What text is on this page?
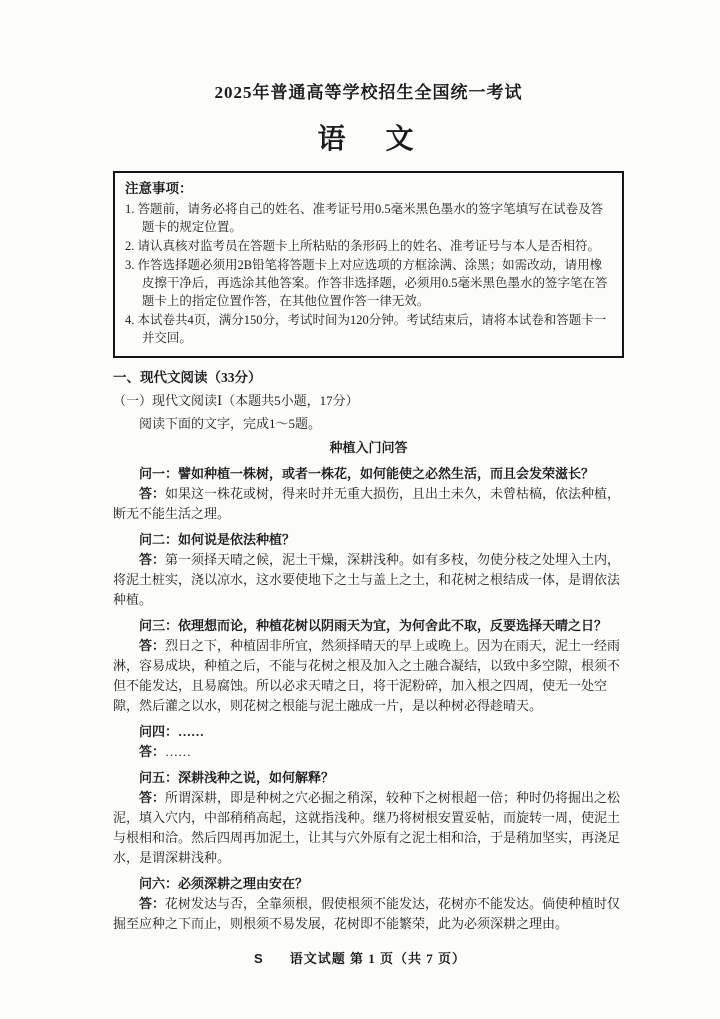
2025年普通高等学校招生全国统一考试
语　文
注意事项：
1. 答题前，请务必将自己的姓名、准考证号用0.5毫米黑色墨水的签字笔填写在试卷及答题卡的规定位置。
2. 请认真核对监考员在答题卡上所粘贴的条形码上的姓名、准考证号与本人是否相符。
3. 作答选择题必须用2B铅笔将答题卡上对应选项的方框涂满、涂黑；如需改动，请用橡皮擦干净后，再选涂其他答案。作答非选择题，必须用0.5毫米黑色墨水的签字笔在答题卡上的指定位置作答，在其他位置作答一律无效。
4. 本试卷共4页，满分150分，考试时间为120分钟。考试结束后，请将本试卷和答题卡一并交回。
一、现代文阅读（33分）
（一）现代文阅读Ⅰ（本题共5小题，17分）
阅读下面的文字，完成1～5题。
种植入门问答

问一：譬如种植一株树，或者一株花，如何能使之必然生活，而且会发荣滋长？

答：如果这一株花或树，得来时并无重大损伤，且出土未久，未曾枯槁，依法种植，断无不能生活之理。

问二：如何说是依法种植？

答：第一须择天晴之候，泥土干燥，深耕浅种。如有多枝，勿使分枝之处埋入土内，将泥土桩实，浇以凉水，这水要使地下之土与盖上之土，和花树之根结成一体，是谓依法种植。

问三：依理想而论，种植花树以阴雨天为宜，为何舍此不取，反要选择天晴之日？

答：烈日之下，种植固非所宜，然须择晴天的早上或晚上。因为在雨天，泥土一经雨淋，容易成块，种植之后，不能与花树之根及加入之土融合凝结，以致中多空隙，根须不但不能发达，且易腐蚀。所以必求天晴之日，将干泥粉碎，加入根之四周，使无一处空隙，然后灌之以水，则花树之根能与泥土融成一片，是以种树必得趁晴天。

问四：……

答：……

问五：深耕浅种之说，如何解释？

答：所谓深耕，即是种树之穴必掘之稍深，较种下之树根超一倍；种时仍将掘出之松泥，填入穴内，中部稍稍高起，这就指浅种。继乃将树根安置妥帖，而旋转一周，使泥土与根相和洽。然后四周再加泥土，让其与穴外原有之泥土相和洽，于是稍加坚实，再浇足水，是谓深耕浅种。

问六：必须深耕之理由安在？

答：花树发达与否，全靠须根，假使根须不能发达，花树亦不能发达。倘使种植时仅掘至应种之下而止，则根须不易发展，花树即不能繁荣，此为必须深耕之理由。

S 语文试题 第 1 页（共 7 页）
